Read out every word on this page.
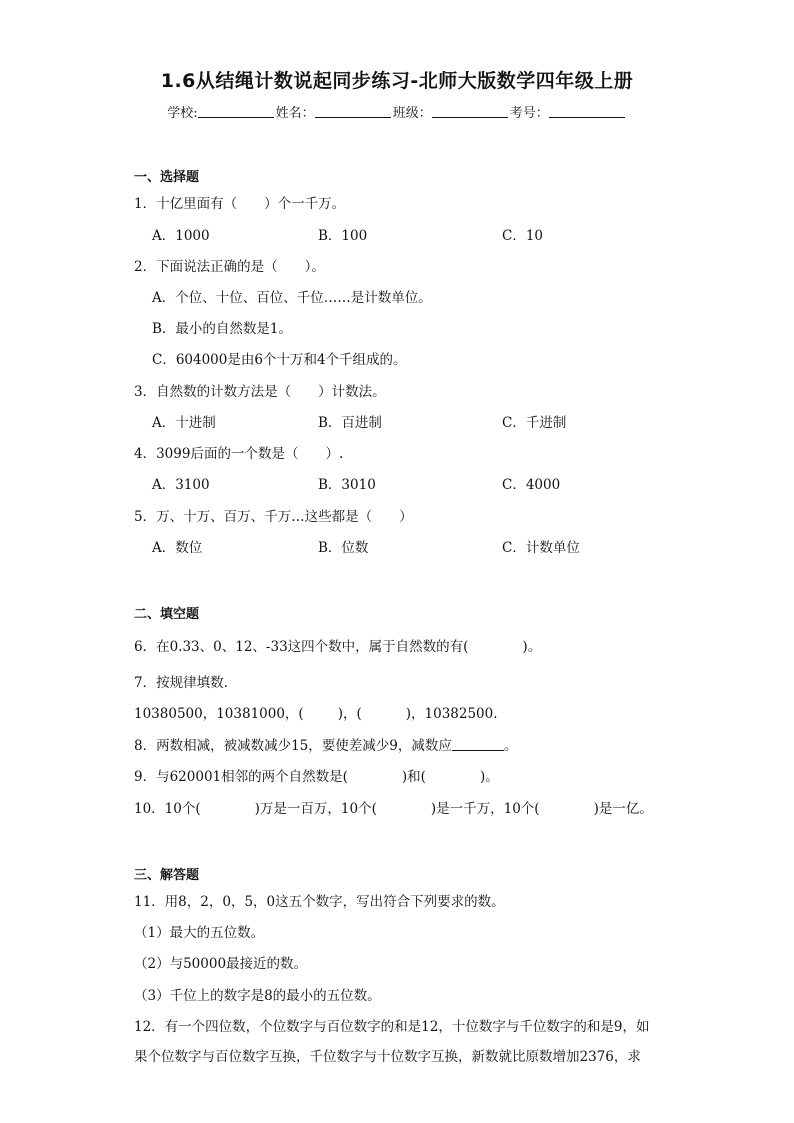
1.6从结绳计数说起同步练习-北师大版数学四年级上册
学校:	姓名：	班级：	考号：
一、选择题
1．十亿里面有（　　）个一千万。
A．1000	B．100	C．10
2．下面说法正确的是（　　）。
A．个位、十位、百位、千位……是计数单位。
B．最小的自然数是1。
C．604000是由6个十万和4个千组成的。
3．自然数的计数方法是（　　）计数法。
A．十进制	B．百进制	C．千进制
4．3099后面的一个数是（　　）.
A．3100	B．3010	C．4000
5．万、十万、百万、千万…这些都是（　　）
A．数位	B．位数	C．计数单位
二、填空题
6．在0.33、0、12、-33这四个数中，属于自然数的有(	)。
7．按规律填数.
10380500，10381000，(	)，(	)，10382500.
8．两数相减，被减数减少15，要使差减少9，减数应	。
9．与620001相邻的两个自然数是(	)和(	)。
10．10个(	)万是一百万，10个(	)是一千万，10个(	)是一亿。
三、解答题
11．用8，2，0，5，0这五个数字，写出符合下列要求的数。
（1）最大的五位数。
（2）与50000最接近的数。
（3）千位上的数字是8的最小的五位数。
12．有一个四位数，个位数字与百位数字的和是12，十位数字与千位数字的和是9，如
果个位数字与百位数字互换，千位数字与十位数字互换，新数就比原数增加2376，求
